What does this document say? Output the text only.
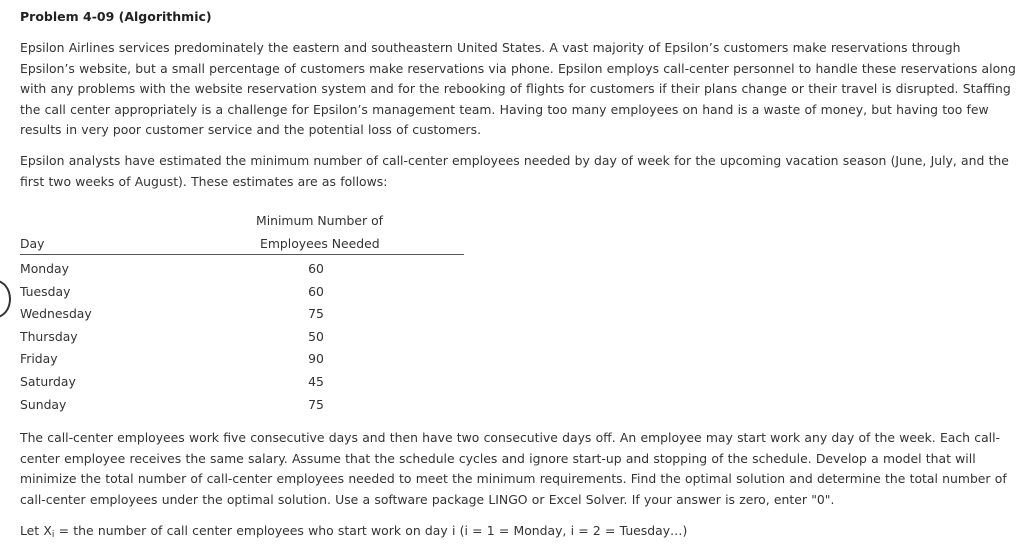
Problem 4-09 (Algorithmic)

Epsilon Airlines services predominately the eastern and southeastern United States. A vast majority of Epsilon’s customers make reservations through Epsilon’s website, but a small percentage of customers make reservations via phone. Epsilon employs call-center personnel to handle these reservations along with any problems with the website reservation system and for the rebooking of flights for customers if their plans change or their travel is disrupted. Staffing the call center appropriately is a challenge for Epsilon’s management team. Having too many employees on hand is a waste of money, but having too few results in very poor customer service and the potential loss of customers.

Epsilon analysts have estimated the minimum number of call-center employees needed by day of week for the upcoming vacation season (June, July, and the first two weeks of August). These estimates are as follows:

Minimum Number of
Day	Employees Needed
Monday	60
Tuesday	60
Wednesday	75
Thursday	50
Friday	90
Saturday	45
Sunday	75

The call-center employees work five consecutive days and then have two consecutive days off. An employee may start work any day of the week. Each call-center employee receives the same salary. Assume that the schedule cycles and ignore start-up and stopping of the schedule. Develop a model that will minimize the total number of call-center employees needed to meet the minimum requirements. Find the optimal solution and determine the total number of call-center employees under the optimal solution. Use a software package LINGO or Excel Solver. If your answer is zero, enter "0".

Let $X_i$ = the number of call center employees who start work on day i (i = 1 = Monday, i = 2 = Tuesday…)
